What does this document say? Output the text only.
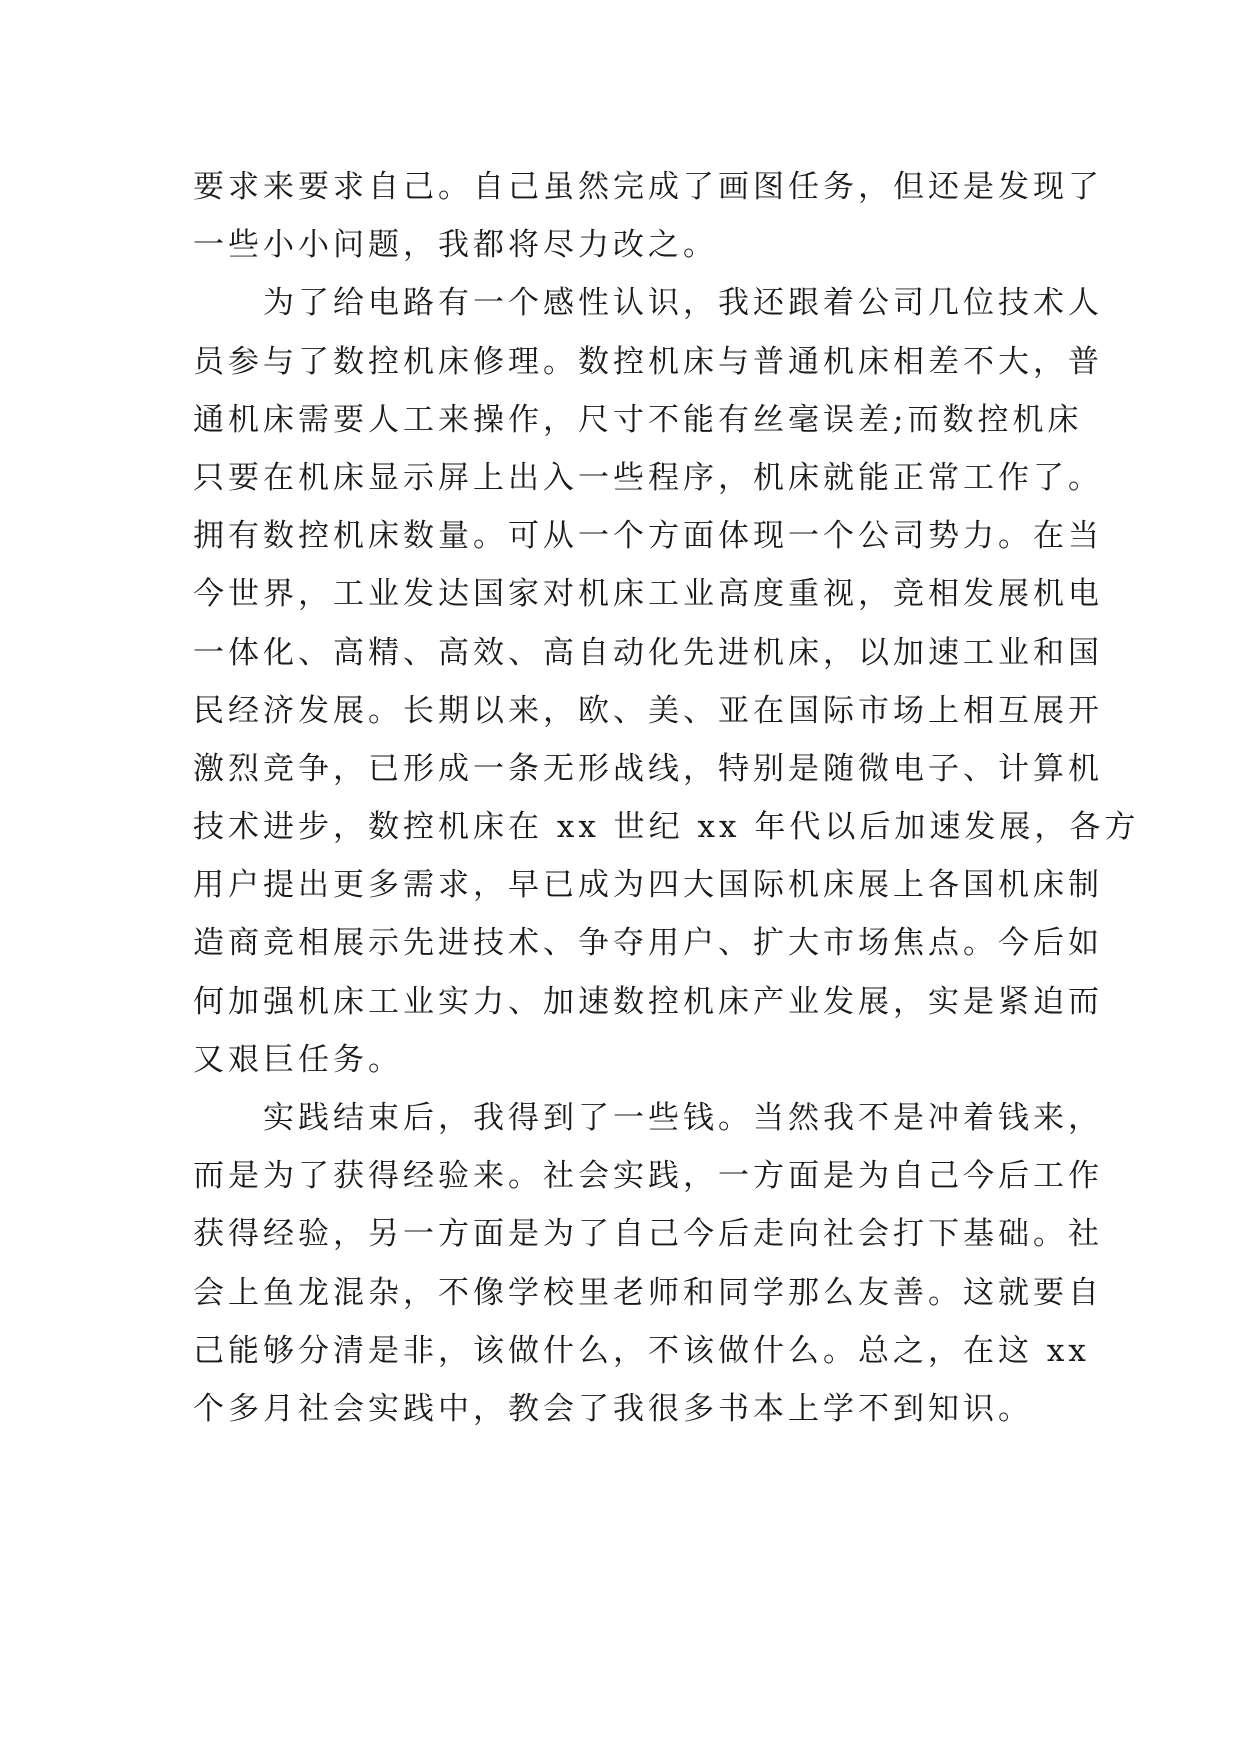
要求来要求自己。自己虽然完成了画图任务，但还是发现了
一些小小问题，我都将尽力改之。
为了给电路有一个感性认识，我还跟着公司几位技术人
员参与了数控机床修理。数控机床与普通机床相差不大，普
通机床需要人工来操作，尺寸不能有丝毫误差;而数控机床
只要在机床显示屏上出入一些程序，机床就能正常工作了。
拥有数控机床数量。可从一个方面体现一个公司势力。在当
今世界，工业发达国家对机床工业高度重视，竞相发展机电
一体化、高精、高效、高自动化先进机床，以加速工业和国
民经济发展。长期以来，欧、美、亚在国际市场上相互展开
激烈竞争，已形成一条无形战线，特别是随微电子、计算机
技术进步，数控机床在 xx 世纪 xx 年代以后加速发展，各方
用户提出更多需求，早已成为四大国际机床展上各国机床制
造商竞相展示先进技术、争夺用户、扩大市场焦点。今后如
何加强机床工业实力、加速数控机床产业发展，实是紧迫而
又艰巨任务。
实践结束后，我得到了一些钱。当然我不是冲着钱来，
而是为了获得经验来。社会实践，一方面是为自己今后工作
获得经验，另一方面是为了自己今后走向社会打下基础。社
会上鱼龙混杂，不像学校里老师和同学那么友善。这就要自
己能够分清是非，该做什么，不该做什么。总之，在这 xx
个多月社会实践中，教会了我很多书本上学不到知识。
